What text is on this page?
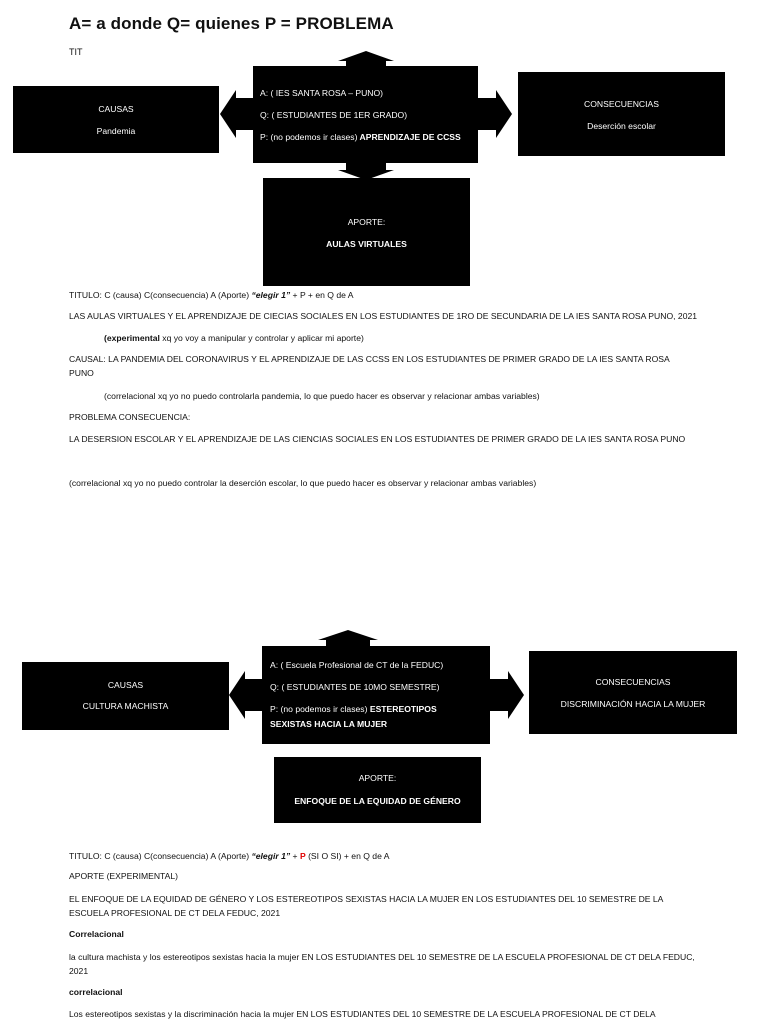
A= a donde Q= quienes P = PROBLEMA
TIT
CAUSAS
Pandemia
A: ( IES SANTA ROSA – PUNO)
Q: ( ESTUDIANTES DE 1ER GRADO)
P: (no podemos ir clases) APRENDIZAJE DE CCSS
CONSECUENCIAS
Deserción escolar
APORTE:
AULAS VIRTUALES
TITULO: C (causa) C(consecuencia) A (Aporte) “elegir 1” + P + en Q de A
LAS AULAS VIRTUALES Y EL APRENDIZAJE DE CIECIAS SOCIALES EN LOS ESTUDIANTES DE 1RO DE SECUNDARIA DE LA IES SANTA ROSA PUNO, 2021
(experimental xq yo voy a manipular y controlar y aplicar mi aporte)
CAUSAL: LA PANDEMIA DEL CORONAVIRUS Y EL APRENDIZAJE DE LAS CCSS EN LOS ESTUDIANTES DE PRIMER GRADO DE LA IES SANTA ROSA PUNO
(correlacional xq yo no puedo controlarla pandemia, lo que puedo hacer es observar y relacionar ambas variables)
PROBLEMA CONSECUENCIA:
LA DESERSION ESCOLAR Y EL APRENDIZAJE DE LAS CIENCIAS SOCIALES EN LOS ESTUDIANTES DE PRIMER GRADO DE LA IES SANTA ROSA PUNO
(correlacional xq yo no puedo controlar la deserción escolar, lo que puedo hacer es observar y relacionar ambas variables)
CAUSAS
CULTURA MACHISTA
A: ( Escuela Profesional de CT de la FEDUC)
Q: ( ESTUDIANTES DE 10MO SEMESTRE)
P: (no podemos ir clases) ESTEREOTIPOS
SEXISTAS HACIA LA MUJER
CONSECUENCIAS
DISCRIMINACIÓN HACIA LA MUJER
APORTE:
ENFOQUE DE LA EQUIDAD DE GÉNERO
TITULO: C (causa) C(consecuencia) A (Aporte) “elegir 1” + P (SI O SI) + en Q de A
APORTE (EXPERIMENTAL)
EL ENFOQUE DE LA EQUIDAD DE GÉNERO Y LOS ESTEREOTIPOS SEXISTAS HACIA LA MUJER EN LOS ESTUDIANTES DEL 10 SEMESTRE DE LA ESCUELA PROFESIONAL DE CT DELA FEDUC, 2021
Correlacional
la cultura machista y los estereotipos sexistas hacia la mujer EN LOS ESTUDIANTES DEL 10 SEMESTRE DE LA ESCUELA PROFESIONAL DE CT DELA FEDUC, 2021
correlacional
Los estereotipos sexistas y la discriminación hacia la mujer EN LOS ESTUDIANTES DEL 10 SEMESTRE DE LA ESCUELA PROFESIONAL DE CT DELA
